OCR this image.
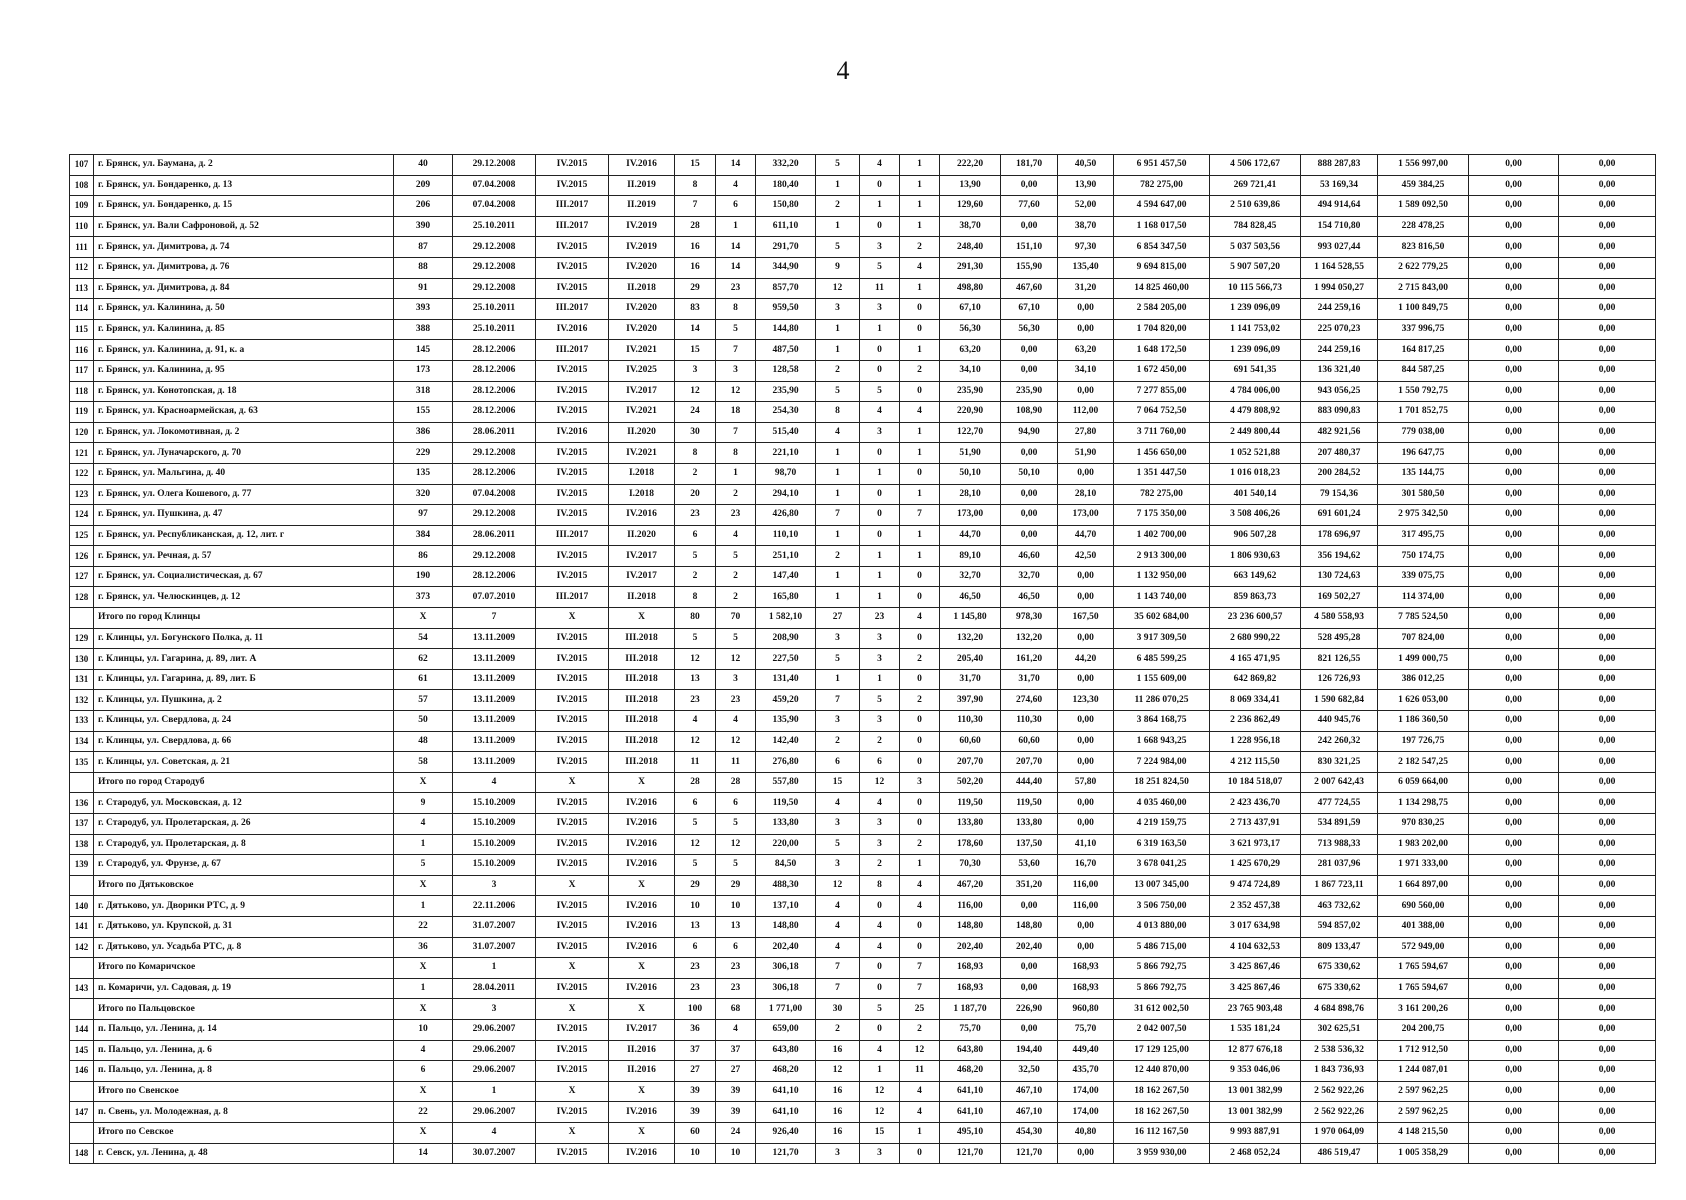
4
107	г. Брянск, ул. Баумана, д. 2	40	29.12.2008	IV.2015	IV.2016	15	14	332,20	5	4	1	222,20	181,70	40,50	6 951 457,50	4 506 172,67	888 287,83	1 556 997,00	0,00	0,00
108	г. Брянск, ул. Бондаренко, д. 13	209	07.04.2008	IV.2015	II.2019	8	4	180,40	1	0	1	13,90	0,00	13,90	782 275,00	269 721,41	53 169,34	459 384,25	0,00	0,00
109	г. Брянск, ул. Бондаренко, д. 15	206	07.04.2008	III.2017	II.2019	7	6	150,80	2	1	1	129,60	77,60	52,00	4 594 647,00	2 510 639,86	494 914,64	1 589 092,50	0,00	0,00
110	г. Брянск, ул. Вали Сафроновой, д. 52	390	25.10.2011	III.2017	IV.2019	28	1	611,10	1	0	1	38,70	0,00	38,70	1 168 017,50	784 828,45	154 710,80	228 478,25	0,00	0,00
111	г. Брянск, ул. Димитрова, д. 74	87	29.12.2008	IV.2015	IV.2019	16	14	291,70	5	3	2	248,40	151,10	97,30	6 854 347,50	5 037 503,56	993 027,44	823 816,50	0,00	0,00
112	г. Брянск, ул. Димитрова, д. 76	88	29.12.2008	IV.2015	IV.2020	16	14	344,90	9	5	4	291,30	155,90	135,40	9 694 815,00	5 907 507,20	1 164 528,55	2 622 779,25	0,00	0,00
113	г. Брянск, ул. Димитрова, д. 84	91	29.12.2008	IV.2015	II.2018	29	23	857,70	12	11	1	498,80	467,60	31,20	14 825 460,00	10 115 566,73	1 994 050,27	2 715 843,00	0,00	0,00
114	г. Брянск, ул. Калинина, д. 50	393	25.10.2011	III.2017	IV.2020	83	8	959,50	3	3	0	67,10	67,10	0,00	2 584 205,00	1 239 096,09	244 259,16	1 100 849,75	0,00	0,00
115	г. Брянск, ул. Калинина, д. 85	388	25.10.2011	IV.2016	IV.2020	14	5	144,80	1	1	0	56,30	56,30	0,00	1 704 820,00	1 141 753,02	225 070,23	337 996,75	0,00	0,00
116	г. Брянск, ул. Калинина, д. 91, к. а	145	28.12.2006	III.2017	IV.2021	15	7	487,50	1	0	1	63,20	0,00	63,20	1 648 172,50	1 239 096,09	244 259,16	164 817,25	0,00	0,00
117	г. Брянск, ул. Калинина, д. 95	173	28.12.2006	IV.2015	IV.2025	3	3	128,58	2	0	2	34,10	0,00	34,10	1 672 450,00	691 541,35	136 321,40	844 587,25	0,00	0,00
118	г. Брянск, ул. Конотопская, д. 18	318	28.12.2006	IV.2015	IV.2017	12	12	235,90	5	5	0	235,90	235,90	0,00	7 277 855,00	4 784 006,00	943 056,25	1 550 792,75	0,00	0,00
119	г. Брянск, ул. Красноармейская, д. 63	155	28.12.2006	IV.2015	IV.2021	24	18	254,30	8	4	4	220,90	108,90	112,00	7 064 752,50	4 479 808,92	883 090,83	1 701 852,75	0,00	0,00
120	г. Брянск, ул. Локомотивная, д. 2	386	28.06.2011	IV.2016	II.2020	30	7	515,40	4	3	1	122,70	94,90	27,80	3 711 760,00	2 449 800,44	482 921,56	779 038,00	0,00	0,00
121	г. Брянск, ул. Луначарского, д. 70	229	29.12.2008	IV.2015	IV.2021	8	8	221,10	1	0	1	51,90	0,00	51,90	1 456 650,00	1 052 521,88	207 480,37	196 647,75	0,00	0,00
122	г. Брянск, ул. Мальгина, д. 40	135	28.12.2006	IV.2015	I.2018	2	1	98,70	1	1	0	50,10	50,10	0,00	1 351 447,50	1 016 018,23	200 284,52	135 144,75	0,00	0,00
123	г. Брянск, ул. Олега Кошевого, д. 77	320	07.04.2008	IV.2015	I.2018	20	2	294,10	1	0	1	28,10	0,00	28,10	782 275,00	401 540,14	79 154,36	301 580,50	0,00	0,00
124	г. Брянск, ул. Пушкина, д. 47	97	29.12.2008	IV.2015	IV.2016	23	23	426,80	7	0	7	173,00	0,00	173,00	7 175 350,00	3 508 406,26	691 601,24	2 975 342,50	0,00	0,00
125	г. Брянск, ул. Республиканская, д. 12, лит. г	384	28.06.2011	III.2017	II.2020	6	4	110,10	1	0	1	44,70	0,00	44,70	1 402 700,00	906 507,28	178 696,97	317 495,75	0,00	0,00
126	г. Брянск, ул. Речная, д. 57	86	29.12.2008	IV.2015	IV.2017	5	5	251,10	2	1	1	89,10	46,60	42,50	2 913 300,00	1 806 930,63	356 194,62	750 174,75	0,00	0,00
127	г. Брянск, ул. Социалистическая, д. 67	190	28.12.2006	IV.2015	IV.2017	2	2	147,40	1	1	0	32,70	32,70	0,00	1 132 950,00	663 149,62	130 724,63	339 075,75	0,00	0,00
128	г. Брянск, ул. Челюскинцев, д. 12	373	07.07.2010	III.2017	II.2018	8	2	165,80	1	1	0	46,50	46,50	0,00	1 143 740,00	859 863,73	169 502,27	114 374,00	0,00	0,00
	Итого по город Клинцы	X	7	X	X	80	70	1 582,10	27	23	4	1 145,80	978,30	167,50	35 602 684,00	23 236 600,57	4 580 558,93	7 785 524,50	0,00	0,00
129	г. Клинцы, ул. Богунского Полка, д. 11	54	13.11.2009	IV.2015	III.2018	5	5	208,90	3	3	0	132,20	132,20	0,00	3 917 309,50	2 680 990,22	528 495,28	707 824,00	0,00	0,00
130	г. Клинцы, ул. Гагарина, д. 89, лит. А	62	13.11.2009	IV.2015	III.2018	12	12	227,50	5	3	2	205,40	161,20	44,20	6 485 599,25	4 165 471,95	821 126,55	1 499 000,75	0,00	0,00
131	г. Клинцы, ул. Гагарина, д. 89, лит. Б	61	13.11.2009	IV.2015	III.2018	13	3	131,40	1	1	0	31,70	31,70	0,00	1 155 609,00	642 869,82	126 726,93	386 012,25	0,00	0,00
132	г. Клинцы, ул. Пушкина, д. 2	57	13.11.2009	IV.2015	III.2018	23	23	459,20	7	5	2	397,90	274,60	123,30	11 286 070,25	8 069 334,41	1 590 682,84	1 626 053,00	0,00	0,00
133	г. Клинцы, ул. Свердлова, д. 24	50	13.11.2009	IV.2015	III.2018	4	4	135,90	3	3	0	110,30	110,30	0,00	3 864 168,75	2 236 862,49	440 945,76	1 186 360,50	0,00	0,00
134	г. Клинцы, ул. Свердлова, д. 66	48	13.11.2009	IV.2015	III.2018	12	12	142,40	2	2	0	60,60	60,60	0,00	1 668 943,25	1 228 956,18	242 260,32	197 726,75	0,00	0,00
135	г. Клинцы, ул. Советская, д. 21	58	13.11.2009	IV.2015	III.2018	11	11	276,80	6	6	0	207,70	207,70	0,00	7 224 984,00	4 212 115,50	830 321,25	2 182 547,25	0,00	0,00
	Итого по город Стародуб	X	4	X	X	28	28	557,80	15	12	3	502,20	444,40	57,80	18 251 824,50	10 184 518,07	2 007 642,43	6 059 664,00	0,00	0,00
136	г. Стародуб, ул. Московская, д. 12	9	15.10.2009	IV.2015	IV.2016	6	6	119,50	4	4	0	119,50	119,50	0,00	4 035 460,00	2 423 436,70	477 724,55	1 134 298,75	0,00	0,00
137	г. Стародуб, ул. Пролетарская, д. 26	4	15.10.2009	IV.2015	IV.2016	5	5	133,80	3	3	0	133,80	133,80	0,00	4 219 159,75	2 713 437,91	534 891,59	970 830,25	0,00	0,00
138	г. Стародуб, ул. Пролетарская, д. 8	1	15.10.2009	IV.2015	IV.2016	12	12	220,00	5	3	2	178,60	137,50	41,10	6 319 163,50	3 621 973,17	713 988,33	1 983 202,00	0,00	0,00
139	г. Стародуб, ул. Фрунзе, д. 67	5	15.10.2009	IV.2015	IV.2016	5	5	84,50	3	2	1	70,30	53,60	16,70	3 678 041,25	1 425 670,29	281 037,96	1 971 333,00	0,00	0,00
	Итого по Дятьковское	X	3	X	X	29	29	488,30	12	8	4	467,20	351,20	116,00	13 007 345,00	9 474 724,89	1 867 723,11	1 664 897,00	0,00	0,00
140	г. Дятьково, ул. Дворики РТС, д. 9	1	22.11.2006	IV.2015	IV.2016	10	10	137,10	4	0	4	116,00	0,00	116,00	3 506 750,00	2 352 457,38	463 732,62	690 560,00	0,00	0,00
141	г. Дятьково, ул. Крупской, д. 31	22	31.07.2007	IV.2015	IV.2016	13	13	148,80	4	4	0	148,80	148,80	0,00	4 013 880,00	3 017 634,98	594 857,02	401 388,00	0,00	0,00
142	г. Дятьково, ул. Усадьба РТС, д. 8	36	31.07.2007	IV.2015	IV.2016	6	6	202,40	4	4	0	202,40	202,40	0,00	5 486 715,00	4 104 632,53	809 133,47	572 949,00	0,00	0,00
	Итого по Комаричское	X	1	X	X	23	23	306,18	7	0	7	168,93	0,00	168,93	5 866 792,75	3 425 867,46	675 330,62	1 765 594,67	0,00	0,00
143	п. Комаричи, ул. Садовая, д. 19	1	28.04.2011	IV.2015	IV.2016	23	23	306,18	7	0	7	168,93	0,00	168,93	5 866 792,75	3 425 867,46	675 330,62	1 765 594,67	0,00	0,00
	Итого по Пальцовское	X	3	X	X	100	68	1 771,00	30	5	25	1 187,70	226,90	960,80	31 612 002,50	23 765 903,48	4 684 898,76	3 161 200,26	0,00	0,00
144	п. Пальцо, ул. Ленина, д. 14	10	29.06.2007	IV.2015	IV.2017	36	4	659,00	2	0	2	75,70	0,00	75,70	2 042 007,50	1 535 181,24	302 625,51	204 200,75	0,00	0,00
145	п. Пальцо, ул. Ленина, д. 6	4	29.06.2007	IV.2015	II.2016	37	37	643,80	16	4	12	643,80	194,40	449,40	17 129 125,00	12 877 676,18	2 538 536,32	1 712 912,50	0,00	0,00
146	п. Пальцо, ул. Ленина, д. 8	6	29.06.2007	IV.2015	II.2016	27	27	468,20	12	1	11	468,20	32,50	435,70	12 440 870,00	9 353 046,06	1 843 736,93	1 244 087,01	0,00	0,00
	Итого по Свенское	X	1	X	X	39	39	641,10	16	12	4	641,10	467,10	174,00	18 162 267,50	13 001 382,99	2 562 922,26	2 597 962,25	0,00	0,00
147	п. Свень, ул. Молодежная, д. 8	22	29.06.2007	IV.2015	IV.2016	39	39	641,10	16	12	4	641,10	467,10	174,00	18 162 267,50	13 001 382,99	2 562 922,26	2 597 962,25	0,00	0,00
	Итого по Севское	X	4	X	X	60	24	926,40	16	15	1	495,10	454,30	40,80	16 112 167,50	9 993 887,91	1 970 064,09	4 148 215,50	0,00	0,00
148	г. Севск, ул. Ленина, д. 48	14	30.07.2007	IV.2015	IV.2016	10	10	121,70	3	3	0	121,70	121,70	0,00	3 959 930,00	2 468 052,24	486 519,47	1 005 358,29	0,00	0,00
